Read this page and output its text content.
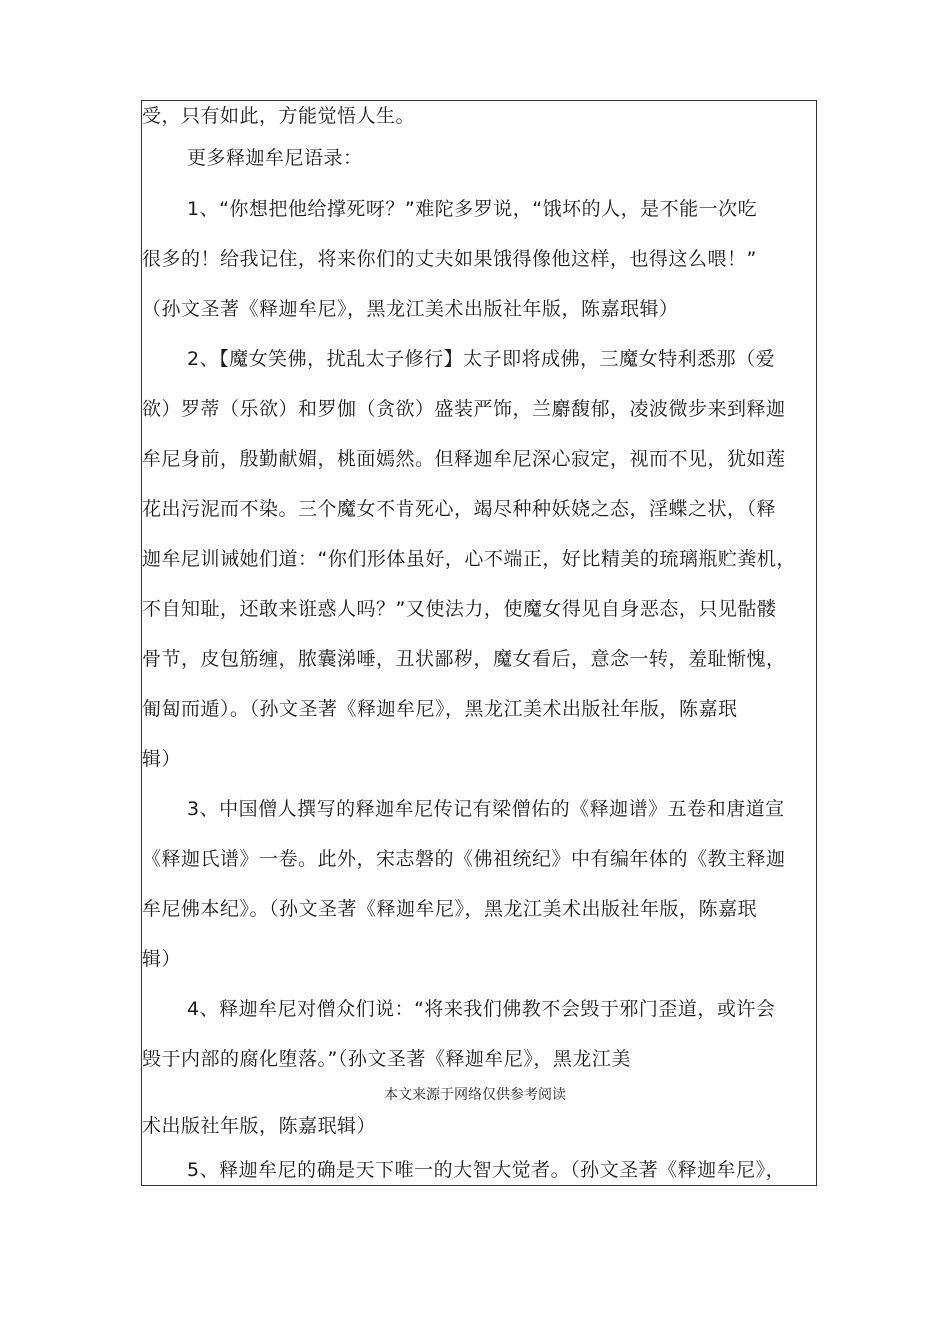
受，只有如此，方能觉悟人生。
更多释迦牟尼语录：
1、“你想把他给撑死呀？”难陀多罗说，“饿坏的人，是不能一次吃
很多的！给我记住，将来你们的丈夫如果饿得像他这样，也得这么喂！”
（孙文圣著《释迦牟尼》，黑龙江美术出版社年版，陈嘉珉辑）
2、【魔女笑佛，扰乱太子修行】太子即将成佛，三魔女特利悉那（爱
欲）罗蒂（乐欲）和罗伽（贪欲）盛装严饰，兰麝馥郁，凌波微步来到释迦
牟尼身前，殷勤献媚，桃面嫣然。但释迦牟尼深心寂定，视而不见，犹如莲
花出污泥而不染。三个魔女不肯死心，竭尽种种妖娆之态，淫蝶之状，（释
迦牟尼训诫她们道：“你们形体虽好，心不端正，好比精美的琉璃瓶贮粪机，
不自知耻，还敢来诳惑人吗？”又使法力，使魔女得见自身恶态，只见骷髅
骨节，皮包筋缠，脓囊涕唾，丑状鄙秽，魔女看后，意念一转，羞耻惭愧，
匍匐而遁）。（孙文圣著《释迦牟尼》，黑龙江美术出版社年版，陈嘉珉
辑）
3、中国僧人撰写的释迦牟尼传记有梁僧佑的《释迦谱》五卷和唐道宣
《释迦氏谱》一卷。此外，宋志磐的《佛祖统纪》中有编年体的《教主释迦
牟尼佛本纪》。（孙文圣著《释迦牟尼》，黑龙江美术出版社年版，陈嘉珉
辑）
4、释迦牟尼对僧众们说：“将来我们佛教不会毁于邪门歪道，或许会
毁于内部的腐化堕落。”（孙文圣著《释迦牟尼》，黑龙江美
本文来源于网络仅供参考阅读
术出版社年版，陈嘉珉辑）
5、释迦牟尼的确是天下唯一的大智大觉者。（孙文圣著《释迦牟尼》，
